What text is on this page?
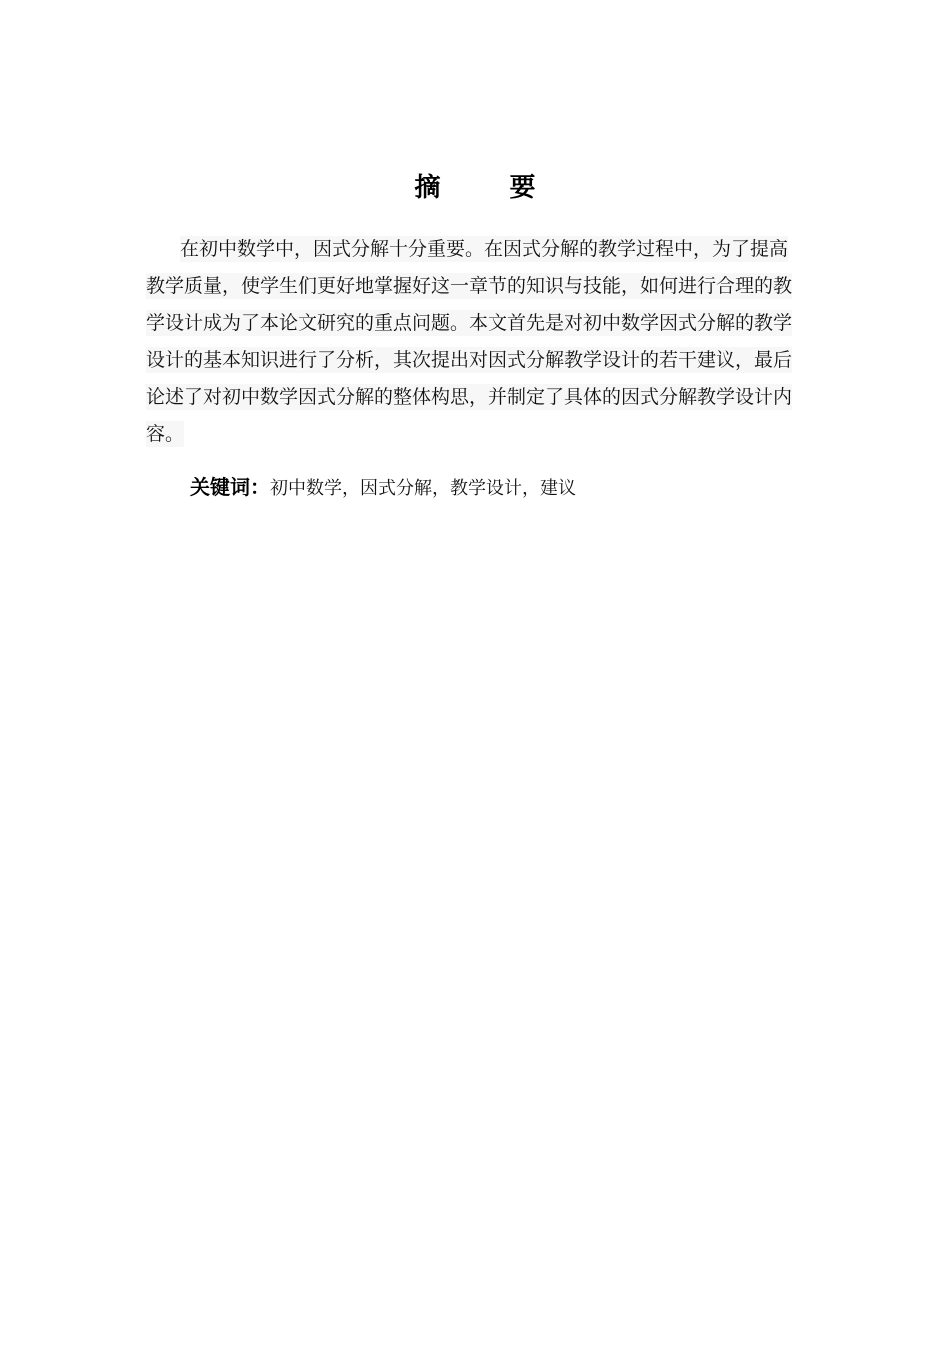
摘 要
在初中数学中，因式分解十分重要。在因式分解的教学过程中，为了提高
教学质量，使学生们更好地掌握好这一章节的知识与技能，如何进行合理的教
学设计成为了本论文研究的重点问题。本文首先是对初中数学因式分解的教学
设计的基本知识进行了分析，其次提出对因式分解教学设计的若干建议，最后
论述了对初中数学因式分解的整体构思，并制定了具体的因式分解教学设计内
容。
关键词：初中数学，因式分解，教学设计，建议
